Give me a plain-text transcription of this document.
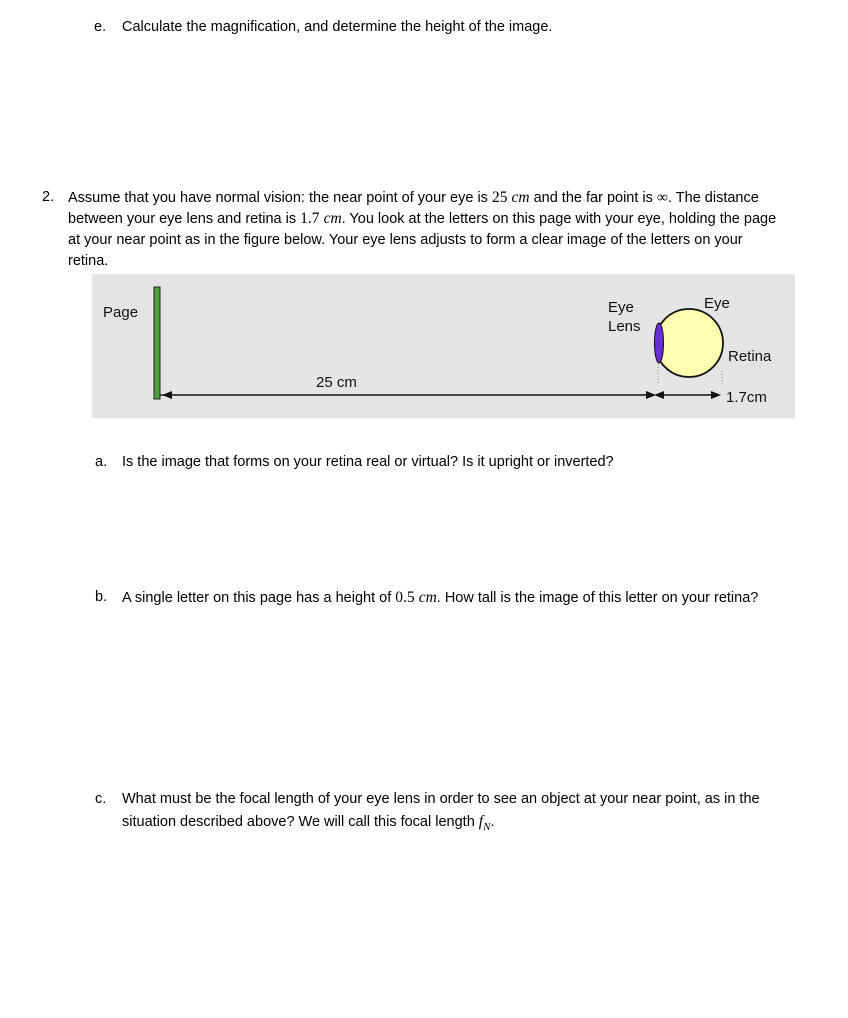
e. Calculate the magnification, and determine the height of the image.
2. Assume that you have normal vision: the near point of your eye is 25 cm and the far point is ∞. The distance
between your eye lens and retina is 1.7 cm. You look at the letters on this page with your eye, holding the page
at your near point as in the figure below. Your eye lens adjusts to form a clear image of the letters on your
retina.
Page
25 cm
Eye
Lens
Eye
Retina
1.7cm
a. Is the image that forms on your retina real or virtual? Is it upright or inverted?
b. A single letter on this page has a height of 0.5 cm. How tall is the image of this letter on your retina?
c. What must be the focal length of your eye lens in order to see an object at your near point, as in the
situation described above? We will call this focal length $f_N$.
